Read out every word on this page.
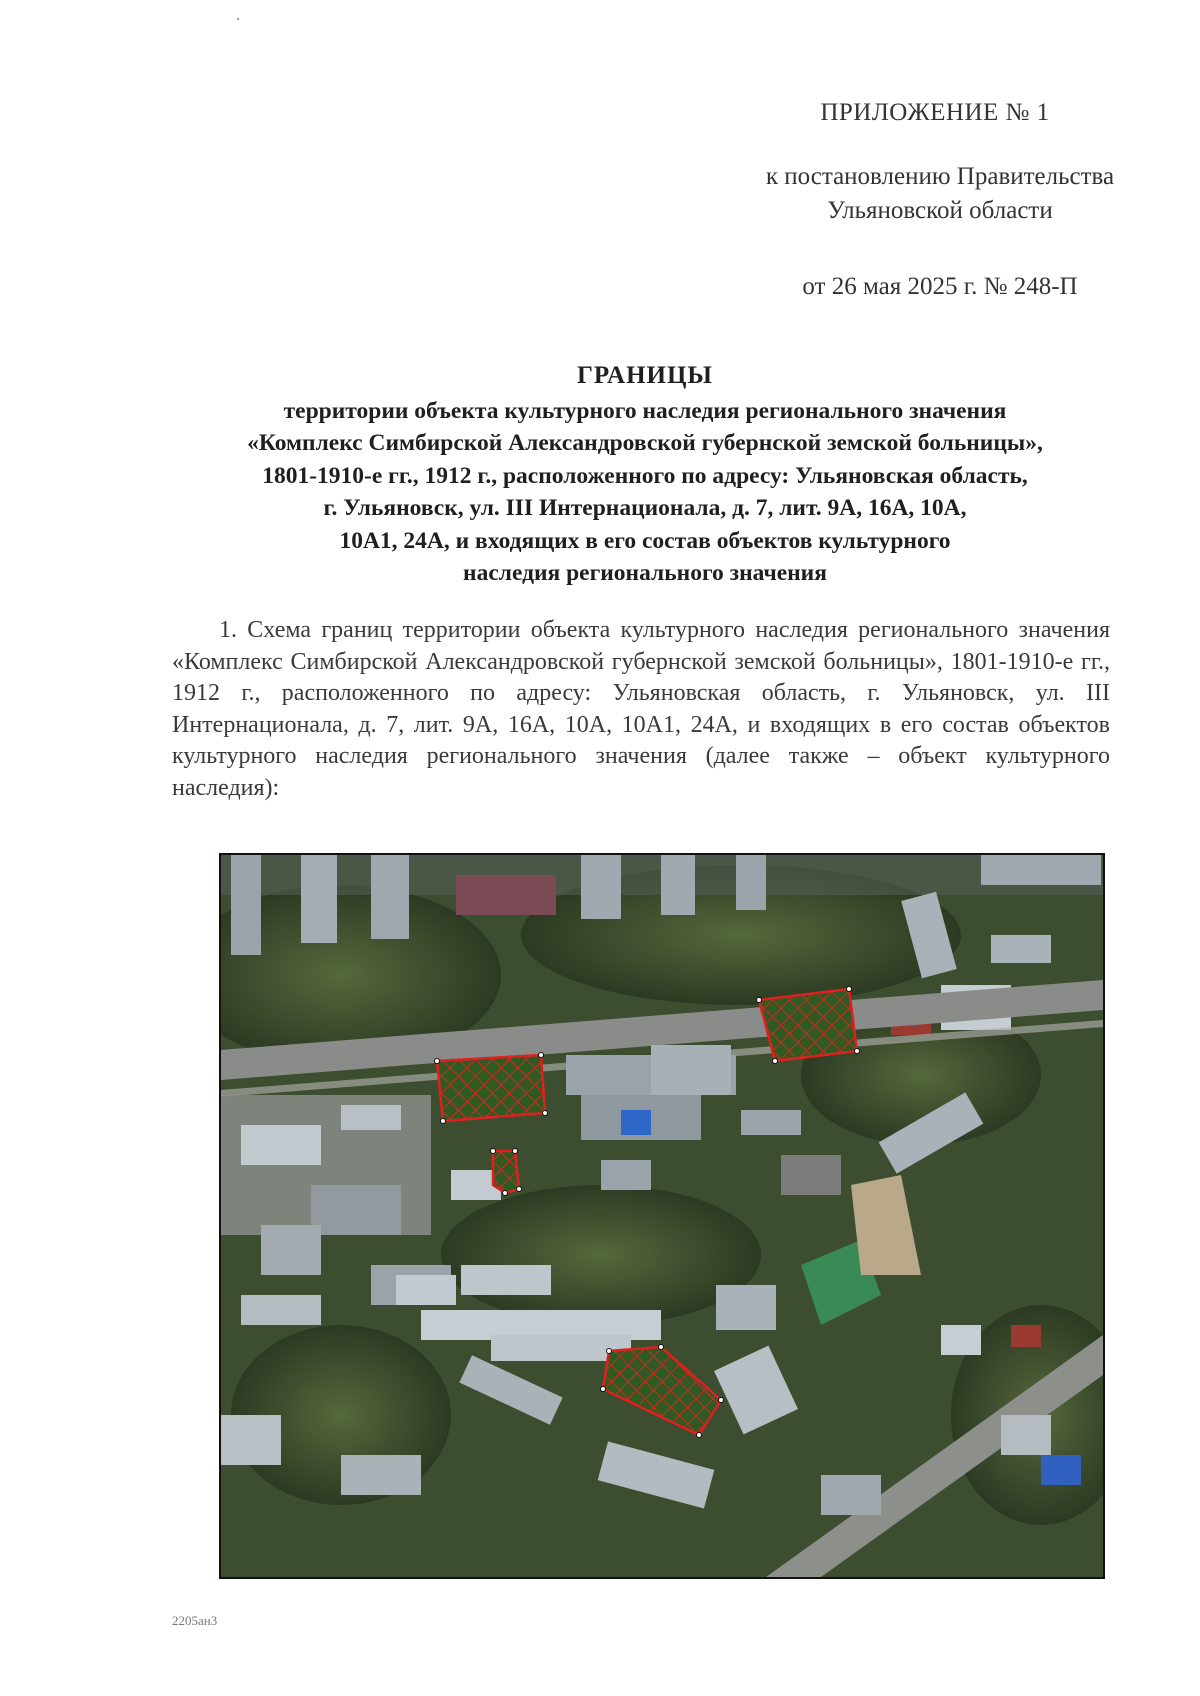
ПРИЛОЖЕНИЕ № 1
к постановлению Правительства
Ульяновской области
от 26 мая 2025 г. № 248-П
ГРАНИЦЫ
территории объекта культурного наследия регионального значения
«Комплекс Симбирской Александровской губернской земской больницы»,
1801-1910-е гг., 1912 г., расположенного по адресу: Ульяновская область,
г. Ульяновск, ул. III Интернационала, д. 7, лит. 9А, 16А, 10А,
10А1, 24А, и входящих в его состав объектов культурного
наследия регионального значения
1. Схема границ территории объекта культурного наследия регионального значения «Комплекс Симбирской Александровской губернской земской больницы», 1801-1910-е гг., 1912 г., расположенного по адресу: Ульяновская область, г. Ульяновск, ул. III Интернационала, д. 7, лит. 9А, 16А, 10А, 10А1, 24А, и входящих в его состав объектов культурного наследия регионального значения (далее также – объект культурного наследия):
2205ан3
